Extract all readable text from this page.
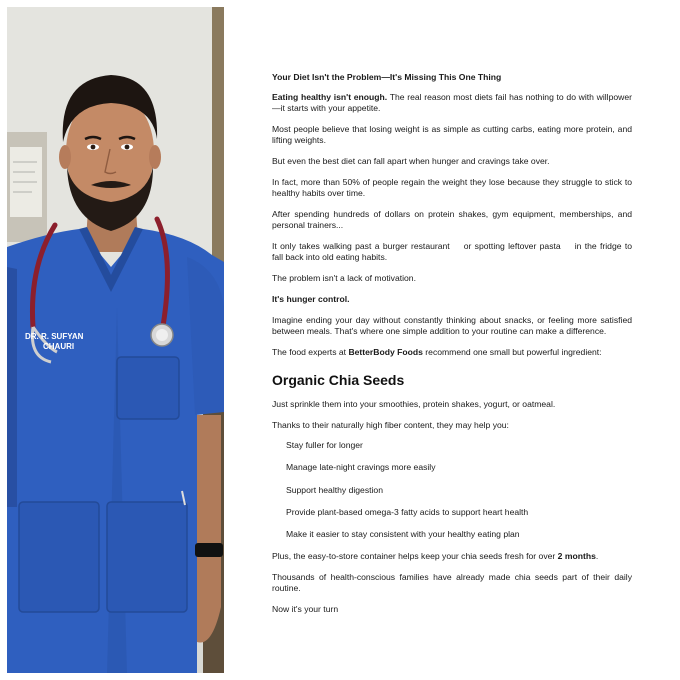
DR. R. SUFYAN
CHAURI

Your Diet Isn't the Problem—It's Missing This One Thing

Eating healthy isn't enough. The real reason most diets fail has nothing to do with willpower—it starts with your appetite.

Most people believe that losing weight is as simple as cutting carbs, eating more protein, and lifting weights.

But even the best diet can fall apart when hunger and cravings take over.

In fact, more than 50% of people regain the weight they lose because they struggle to stick to healthy habits over time.

After spending hundreds of dollars on protein shakes, gym equipment, memberships, and personal trainers...

It only takes walking past a burger restaurant or spotting leftover pasta in the fridge to fall back into old eating habits.

The problem isn't a lack of motivation.

It's hunger control.

Imagine ending your day without constantly thinking about snacks, or feeling more satisfied between meals. That's where one simple addition to your routine can make a difference.

The food experts at BetterBody Foods recommend one small but powerful ingredient:

Organic Chia Seeds

Just sprinkle them into your smoothies, protein shakes, yogurt, or oatmeal.

Thanks to their naturally high fiber content, they may help you:

Stay fuller for longer
Manage late-night cravings more easily
Support healthy digestion
Provide plant-based omega-3 fatty acids to support heart health
Make it easier to stay consistent with your healthy eating plan

Plus, the easy-to-store container helps keep your chia seeds fresh for over 2 months.

Thousands of health-conscious families have already made chia seeds part of their daily routine.

Now it's your turn
